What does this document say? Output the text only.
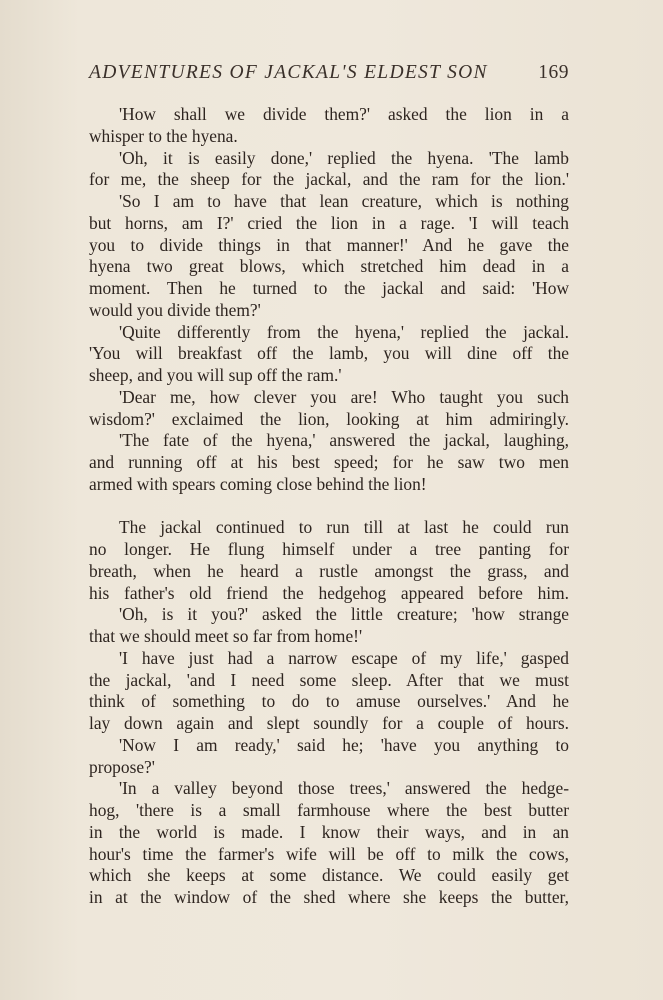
ADVENTURES OF JACKAL'S ELDEST SON	169
'How shall we divide them?' asked the lion in a
whisper to the hyena.
'Oh, it is easily done,' replied the hyena. 'The lamb
for me, the sheep for the jackal, and the ram for the lion.'
'So I am to have that lean creature, which is nothing
but horns, am I?' cried the lion in a rage. 'I will teach
you to divide things in that manner!' And he gave the
hyena two great blows, which stretched him dead in a
moment. Then he turned to the jackal and said: 'How
would you divide them?'
'Quite differently from the hyena,' replied the jackal.
'You will breakfast off the lamb, you will dine off the
sheep, and you will sup off the ram.'
'Dear me, how clever you are! Who taught you such
wisdom?' exclaimed the lion, looking at him admiringly.
'The fate of the hyena,' answered the jackal, laughing,
and running off at his best speed; for he saw two men
armed with spears coming close behind the lion!
The jackal continued to run till at last he could run
no longer. He flung himself under a tree panting for
breath, when he heard a rustle amongst the grass, and
his father's old friend the hedgehog appeared before him.
'Oh, is it you?' asked the little creature; 'how strange
that we should meet so far from home!'
'I have just had a narrow escape of my life,' gasped
the jackal, 'and I need some sleep. After that we must
think of something to do to amuse ourselves.' And he
lay down again and slept soundly for a couple of hours.
'Now I am ready,' said he; 'have you anything to
propose?'
'In a valley beyond those trees,' answered the hedge-
hog, 'there is a small farmhouse where the best butter
in the world is made. I know their ways, and in an
hour's time the farmer's wife will be off to milk the cows,
which she keeps at some distance. We could easily get
in at the window of the shed where she keeps the butter,
